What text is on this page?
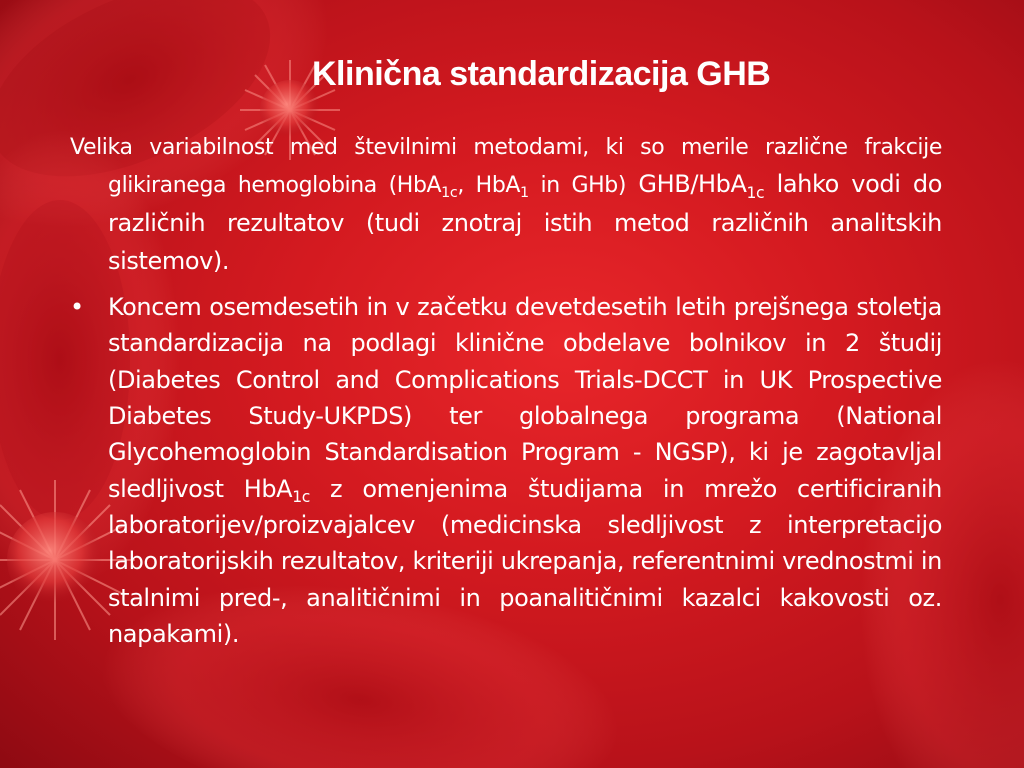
Klinična standardizacija GHB

Velika variabilnost med številnimi metodami, ki so merile različne frakcije glikiranega hemoglobina (HbA$_{1c}$, HbA$_1$ in GHb) GHB/HbA$_{1c}$ lahko vodi do različnih rezultatov (tudi znotraj istih metod različnih analitskih sistemov).

•	Koncem osemdesetih in v začetku devetdesetih letih prejšnega stoletja standardizacija na podlagi klinične obdelave bolnikov in 2 študij (Diabetes Control and Complications Trials-DCCT in UK Prospective Diabetes Study-UKPDS) ter globalnega programa (National Glycohemoglobin Standardisation Program - NGSP), ki je zagotavljal sledljivost HbA$_{1c}$ z omenjenima študijama in mrežo certificiranih laboratorijev/proizvajalcev (medicinska sledljivost z interpretacijo laboratorijskih rezultatov, kriteriji ukrepanja, referentnimi vrednostmi in stalnimi pred-, analitičnimi in poanalitičnimi kazalci kakovosti oz. napakami).
